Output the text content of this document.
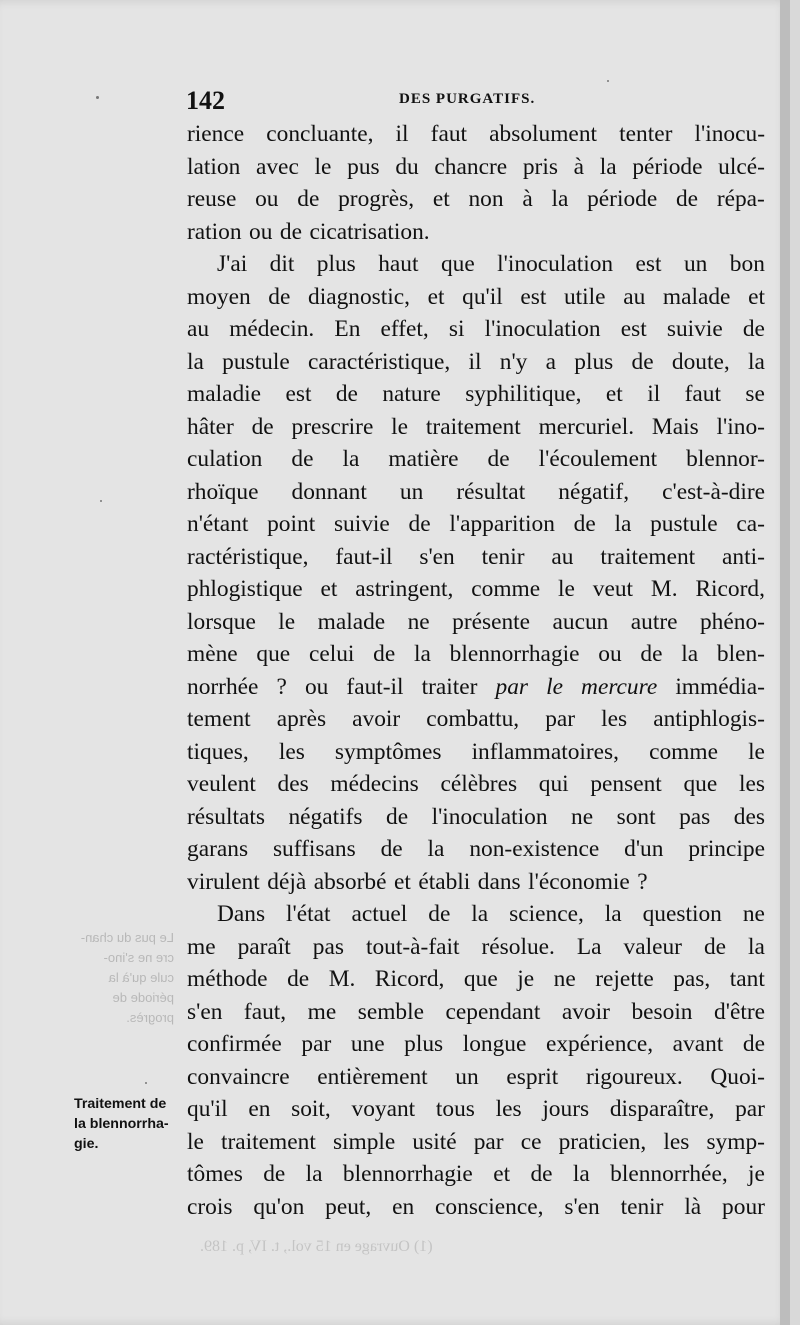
Le pus du chan-
cre ne s'ino-
cule qu'à la
période de
progrès.
(1) Ouvrage en 15 vol., t. IV, p. 189.
142	DES PURGATIFS.
rience concluante, il faut absolument tenter l'inocu-
lation avec le pus du chancre pris à la période ulcé-
reuse ou de progrès, et non à la période de répa-
ration ou de cicatrisation.
J'ai dit plus haut que l'inoculation est un bon
moyen de diagnostic, et qu'il est utile au malade et
au médecin. En effet, si l'inoculation est suivie de
la pustule caractéristique, il n'y a plus de doute, la
maladie est de nature syphilitique, et il faut se
hâter de prescrire le traitement mercuriel. Mais l'ino-
culation de la matière de l'écoulement blennor-
rhoïque donnant un résultat négatif, c'est-à-dire
n'étant point suivie de l'apparition de la pustule ca-
ractéristique, faut-il s'en tenir au traitement anti-
phlogistique et astringent, comme le veut M. Ricord,
lorsque le malade ne présente aucun autre phéno-
mène que celui de la blennorrhagie ou de la blen-
norrhée ? ou faut-il traiter par le mercure immédia-
tement après avoir combattu, par les antiphlogis-
tiques, les symptômes inflammatoires, comme le
veulent des médecins célèbres qui pensent que les
résultats négatifs de l'inoculation ne sont pas des
garans suffisans de la non-existence d'un principe
virulent déjà absorbé et établi dans l'économie ?
Dans l'état actuel de la science, la question ne
me paraît pas tout-à-fait résolue. La valeur de la
méthode de M. Ricord, que je ne rejette pas, tant
s'en faut, me semble cependant avoir besoin d'être
confirmée par une plus longue expérience, avant de
convaincre entièrement un esprit rigoureux. Quoi-
qu'il en soit, voyant tous les jours disparaître, par
le traitement simple usité par ce praticien, les symp-
tômes de la blennorrhagie et de la blennorrhée, je
crois qu'on peut, en conscience, s'en tenir là pour
Traitement de
la blennorrha-
gie.
